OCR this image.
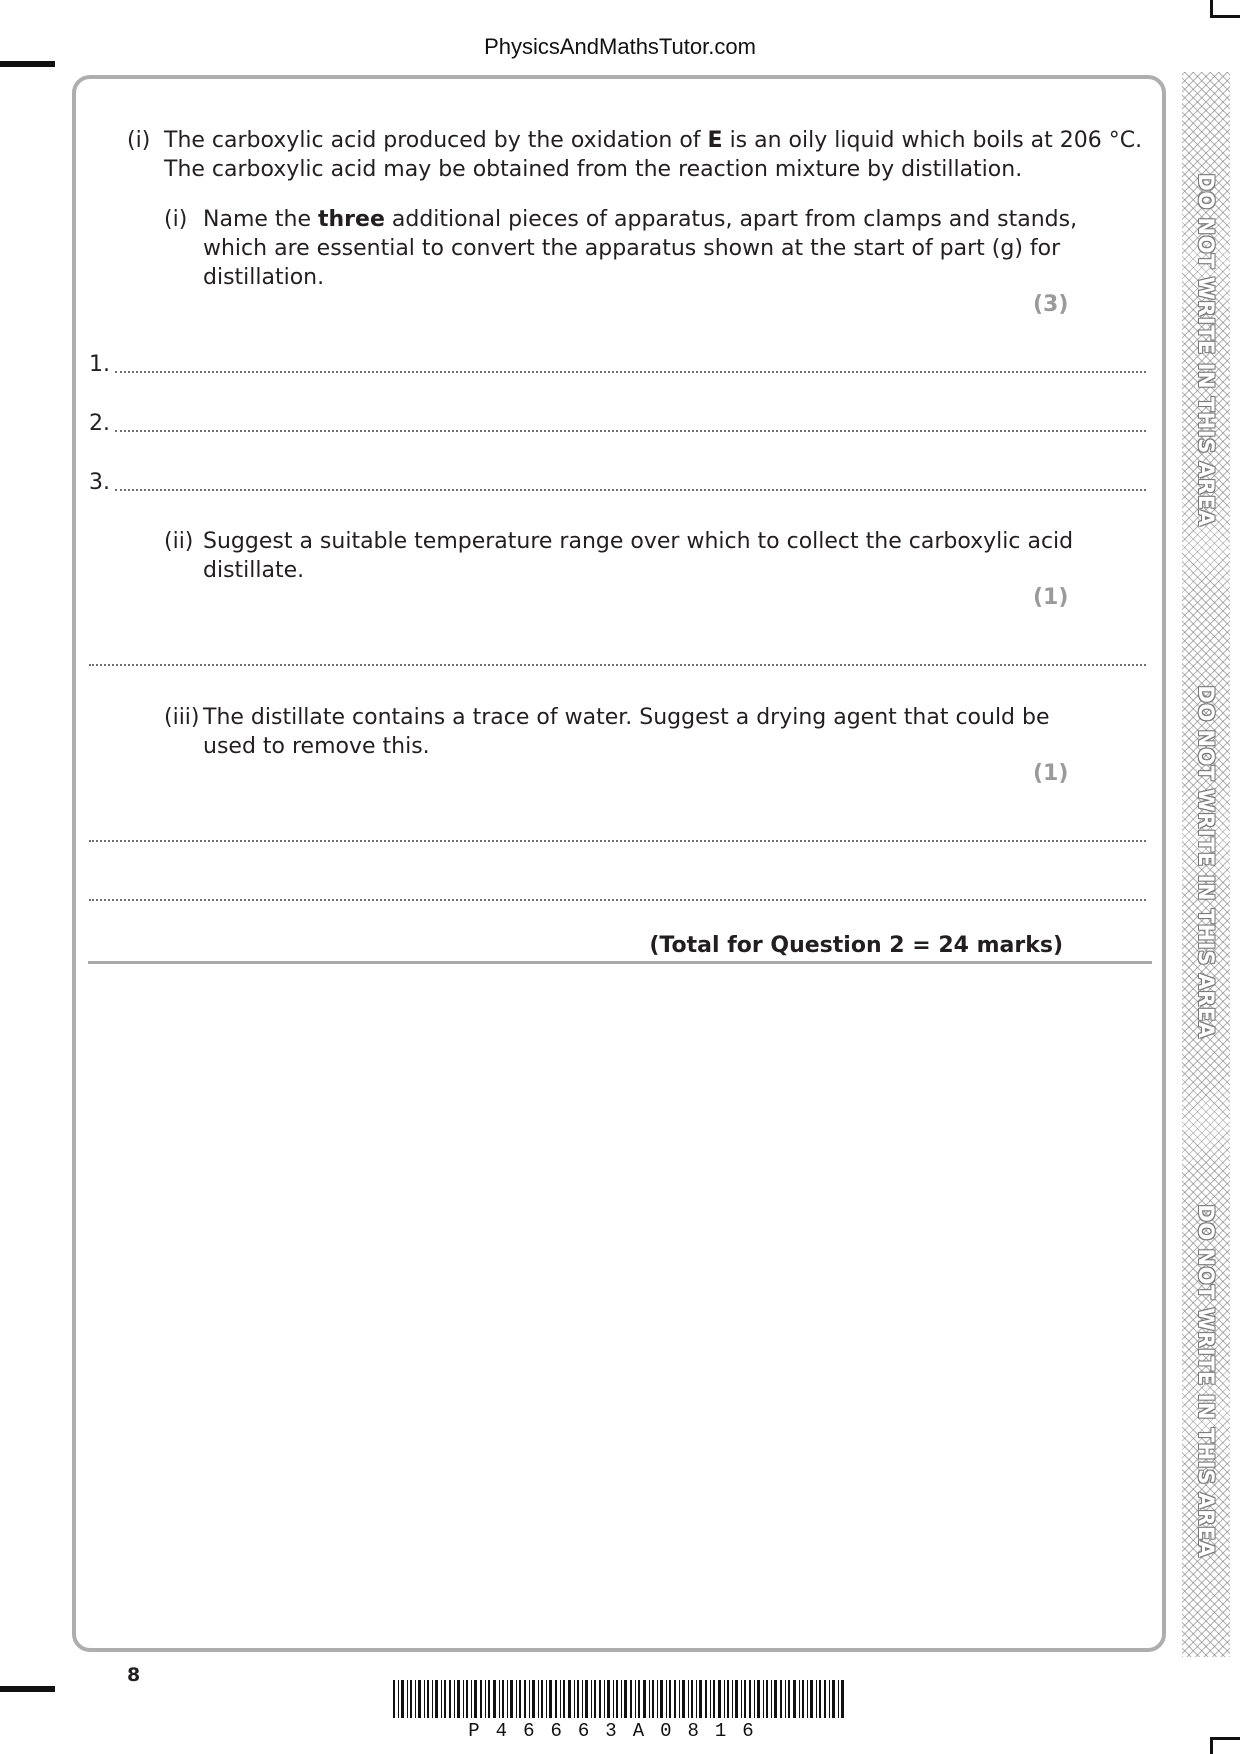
PhysicsAndMathsTutor.com
DO NOT WRITE IN THIS AREA
DO NOT WRITE IN THIS AREA
DO NOT WRITE IN THIS AREA
(i) The carboxylic acid produced by the oxidation of E is an oily liquid which boils at 206 °C.
The carboxylic acid may be obtained from the reaction mixture by distillation.
(i) Name the three additional pieces of apparatus, apart from clamps and stands,
which are essential to convert the apparatus shown at the start of part (g) for
distillation.
(3)
1.
2.
3.
(ii) Suggest a suitable temperature range over which to collect the carboxylic acid
distillate.
(1)
(iii) The distillate contains a trace of water. Suggest a drying agent that could be
used to remove this.
(1)
(Total for Question 2 = 24 marks)
8
P46663A0816
